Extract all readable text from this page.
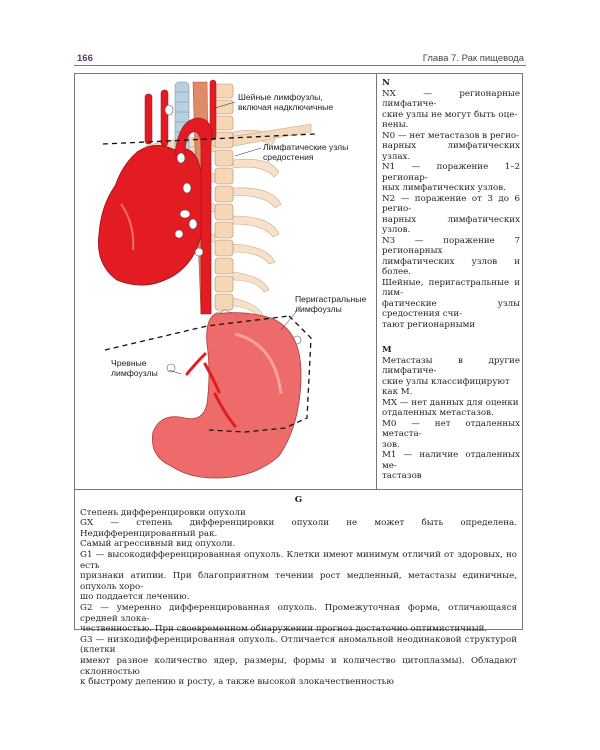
166	Глава 7. Рак пищевода
Шейные лимфоузлы,
включая надключичные
Лимфатические узлы
средостения
Перигастральные
лимфоузлы
Чревные
лимфоузлы

N

NX — регионарные лимфатиче-

ские узлы не могут быть оце-

нены.

N0 — нет метастазов в регио-

нарных лимфатических узлах.

N1 — поражение 1–2 регионар-

ных лимфатических узлов.

N2 — поражение от 3 до 6 регио-

нарных лимфатических узлов.

N3 — поражение 7 регионарных

лимфатических узлов и более.

Шейные, перигастральные и лим-

фатические узлы средостения счи-

тают регионарными

M

Метастазы в другие лимфатиче-

ские узлы классифицируют

как М.

MX — нет данных для оценки

отдаленных метастазов.

M0 — нет отдаленных метаста-

зов.

M1 — наличие отдаленных ме-

тастазов

G

Степень дифференцировки опухоли

GX — степень дифференцировки опухоли не может быть определена. Недифференцированный рак.

Самый агрессивный вид опухоли.

G1 — высокодифференцированная опухоль. Клетки имеют минимум отличий от здоровых, но есть

признаки атипии. При благоприятном течении рост медленный, метастазы единичные, опухоль хоро-

шо поддается лечению.

G2 — умеренно дифференцированная опухоль. Промежуточная форма, отличающаяся средней злока-

чественностью. При своевременном обнаружении прогноз достаточно оптимистичный.

G3 — низкодифференцированная опухоль. Отличается аномальной неодинаковой структурой (клетки

имеют разное количество ядер, размеры, формы и количество цитоплазмы). Обладают склонностью

к быстрому делению и росту, а также высокой злокачественностью
